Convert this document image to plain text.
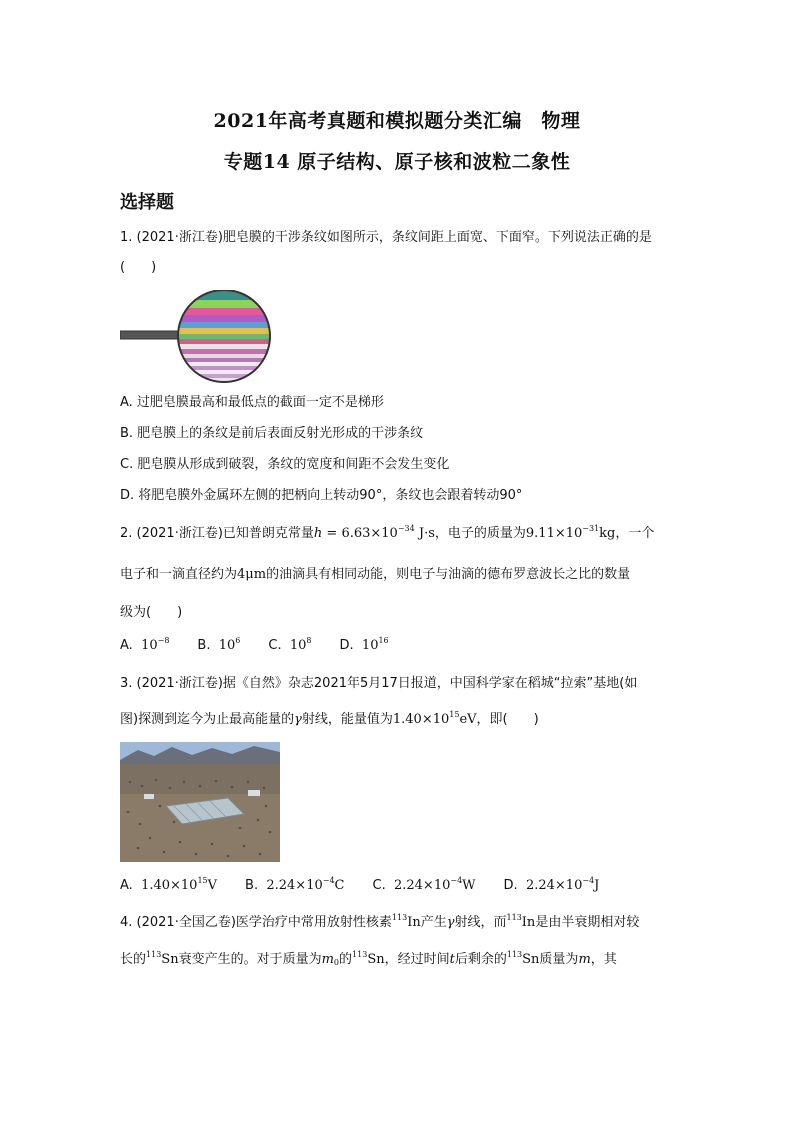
2021年高考真题和模拟题分类汇编　物理
专题14 原子结构、原子核和波粒二象性
选择题
1. (2021·浙江卷)肥皂膜的干涉条纹如图所示，条纹间距上面宽、下面窄。下列说法正确的是
(　　)
A. 过肥皂膜最高和最低点的截面一定不是梯形
B. 肥皂膜上的条纹是前后表面反射光形成的干涉条纹
C. 肥皂膜从形成到破裂，条纹的宽度和间距不会发生变化
D. 将肥皂膜外金属环左侧的把柄向上转动90°，条纹也会跟着转动90°
2. (2021·浙江卷)已知普朗克常量$h = 6.63\times 10^{-34}$ J·s，电子的质量为$9.11\times 10^{-31}kg$，一个
电子和一滴直径约为4μm的油滴具有相同动能，则电子与油滴的德布罗意波长之比的数量
级为(　　)
A. $10^{-8}$ B. $10^6$ C. $10^8$ D. $10^{16}$
3. (2021·浙江卷)据《自然》杂志2021年5月17日报道，中国科学家在稻城“拉索”基地(如
图)探测到迄今为止最高能量的γ射线，能量值为$1.40\times 10^{15}eV$，即(　　)
A. $1.40\times 10^{15}V$ B. $2.24\times 10^{-4}C$ C. $2.24\times 10^{-4}W$ D. $2.24\times 10^{-4}J$
4. (2021·全国乙卷)医学治疗中常用放射性核素$^{113}$In产生γ射线，而$^{113}$In是由半衰期相对较
长的$^{113}$Sn衰变产生的。对于质量为$m_0$的$^{113}$Sn，经过时间t后剩余的$^{113}$Sn质量为m，其
